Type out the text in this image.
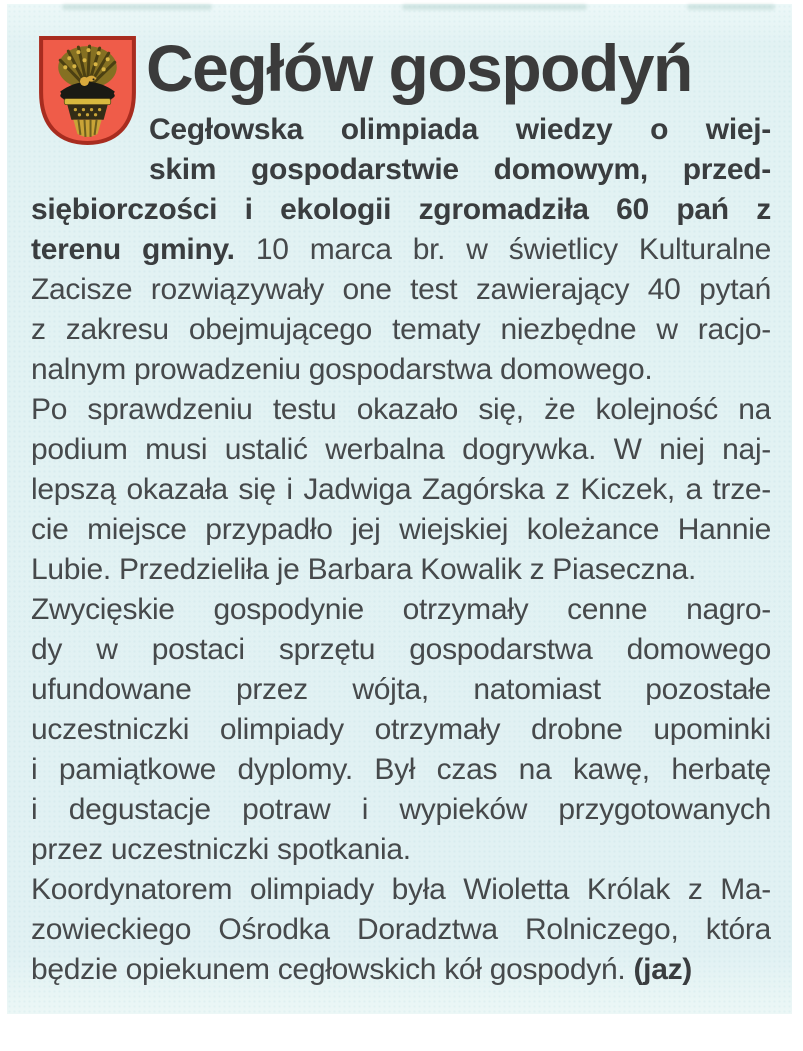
Cegłów gospodyń
Cegłowska olimpiada wiedzy o wiej-
skim gospodarstwie domowym, przed-
siębiorczości i ekologii zgromadziła 60 pań z
terenu gminy. 10 marca br. w świetlicy Kulturalne
Zacisze rozwiązywały one test zawierający 40 pytań
z zakresu obejmującego tematy niezbędne w racjo-
nalnym prowadzeniu gospodarstwa domowego.
Po sprawdzeniu testu okazało się, że kolejność na
podium musi ustalić werbalna dogrywka. W niej naj-
lepszą okazała się i Jadwiga Zagórska z Kiczek, a trze-
cie miejsce przypadło jej wiejskiej koleżance Hannie
Lubie. Przedzieliła je Barbara Kowalik z Piaseczna.
Zwycięskie gospodynie otrzymały cenne nagro-
dy w postaci sprzętu gospodarstwa domowego
ufundowane przez wójta, natomiast pozostałe
uczestniczki olimpiady otrzymały drobne upominki
i pamiątkowe dyplomy. Był czas na kawę, herbatę
i degustacje potraw i wypieków przygotowanych
przez uczestniczki spotkania.
Koordynatorem olimpiady była Wioletta Królak z Ma-
zowieckiego Ośrodka Doradztwa Rolniczego, która
będzie opiekunem cegłowskich kół gospodyń. (jaz)
